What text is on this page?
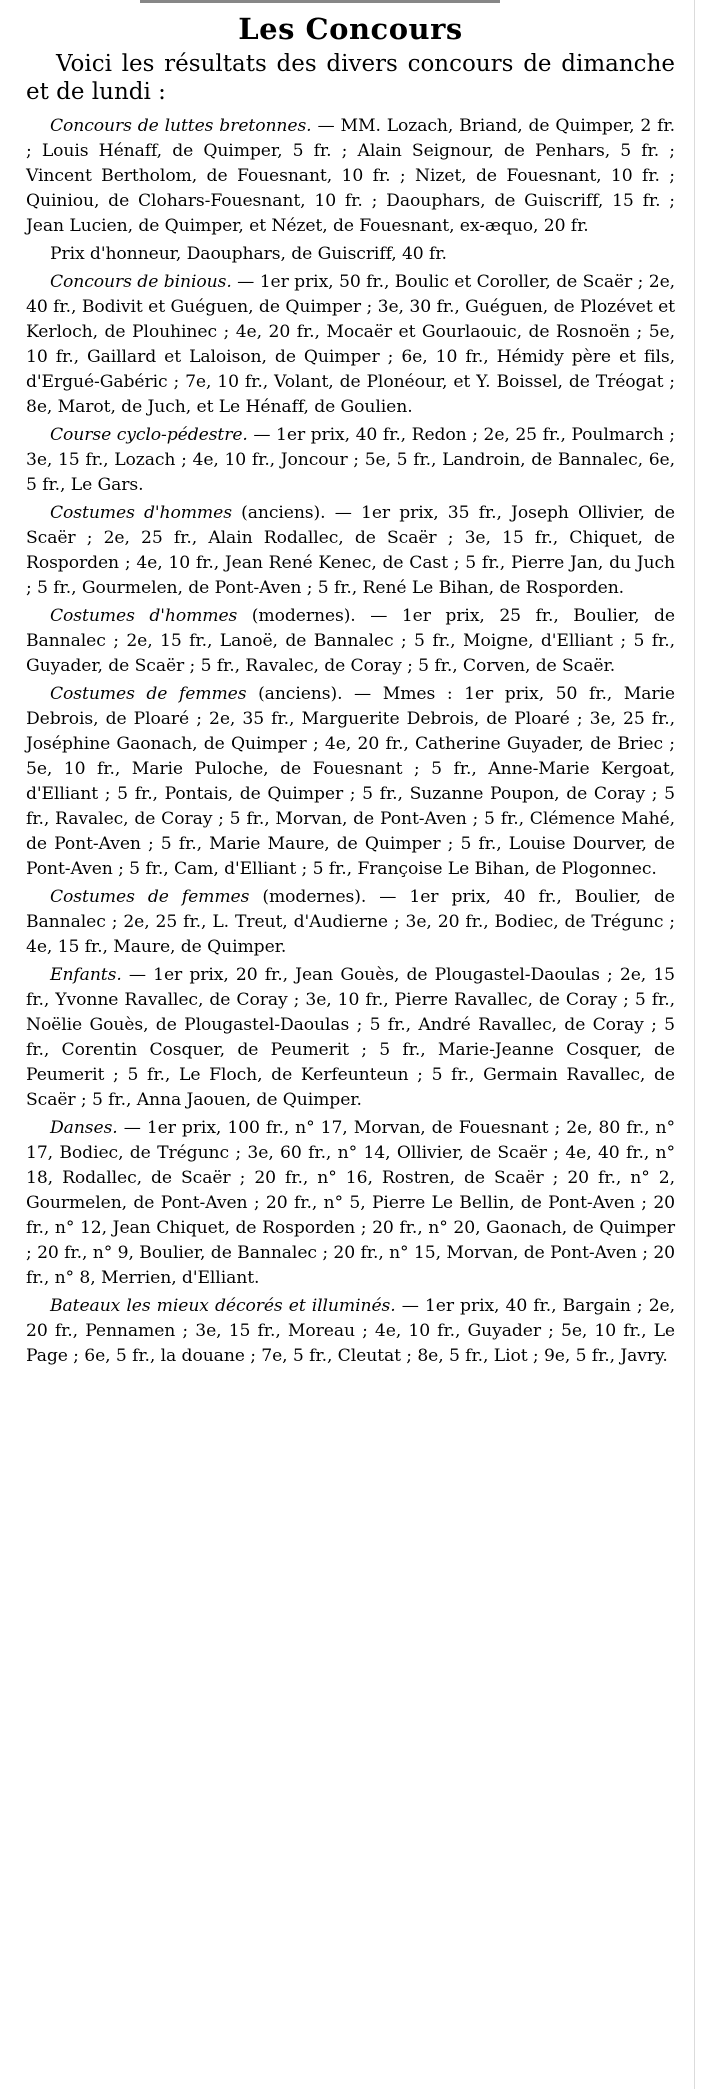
Les Concours

Voici les résultats des divers concours de dimanche et de lundi :

Concours de luttes bretonnes. — MM. Lozach, Briand, de Quimper, 2 fr. ; Louis Hénaff, de Quimper, 5 fr. ; Alain Seignour, de Penhars, 5 fr. ; Vincent Bertholom, de Fouesnant, 10 fr. ; Nizet, de Fouesnant, 10 fr. ; Quiniou, de Clohars-Fouesnant, 10 fr. ; Daouphars, de Guiscriff, 15 fr. ; Jean Lucien, de Quimper, et Nézet, de Fouesnant, ex-æquo, 20 fr.

Prix d'honneur, Daouphars, de Guiscriff, 40 fr.

Concours de binious. — 1er prix, 50 fr., Boulic et Coroller, de Scaër ; 2e, 40 fr., Bodivit et Guéguen, de Quimper ; 3e, 30 fr., Guéguen, de Plozévet et Kerloch, de Plouhinec ; 4e, 20 fr., Mocaër et Gourlaouic, de Rosnoën ; 5e, 10 fr., Gaillard et Laloison, de Quimper ; 6e, 10 fr., Hémidy père et fils, d'Ergué-Gabéric ; 7e, 10 fr., Volant, de Plonéour, et Y. Boissel, de Tréogat ; 8e, Marot, de Juch, et Le Hénaff, de Goulien.

Course cyclo-pédestre. — 1er prix, 40 fr., Redon ; 2e, 25 fr., Poulmarch ; 3e, 15 fr., Lozach ; 4e, 10 fr., Joncour ; 5e, 5 fr., Landroin, de Bannalec, 6e, 5 fr., Le Gars.

Costumes d'hommes (anciens). — 1er prix, 35 fr., Joseph Ollivier, de Scaër ; 2e, 25 fr., Alain Rodallec, de Scaër ; 3e, 15 fr., Chiquet, de Rosporden ; 4e, 10 fr., Jean René Kenec, de Cast ; 5 fr., Pierre Jan, du Juch ; 5 fr., Gourmelen, de Pont-Aven ; 5 fr., René Le Bihan, de Rosporden.

Costumes d'hommes (modernes). — 1er prix, 25 fr., Boulier, de Bannalec ; 2e, 15 fr., Lanoë, de Bannalec ; 5 fr., Moigne, d'Elliant ; 5 fr., Guyader, de Scaër ; 5 fr., Ravalec, de Coray ; 5 fr., Corven, de Scaër.

Costumes de femmes (anciens). — Mmes : 1er prix, 50 fr., Marie Debrois, de Ploaré ; 2e, 35 fr., Marguerite Debrois, de Ploaré ; 3e, 25 fr., Joséphine Gaonach, de Quimper ; 4e, 20 fr., Catherine Guyader, de Briec ; 5e, 10 fr., Marie Puloche, de Fouesnant ; 5 fr., Anne-Marie Kergoat, d'Elliant ; 5 fr., Pontais, de Quimper ; 5 fr., Suzanne Poupon, de Coray ; 5 fr., Ravalec, de Coray ; 5 fr., Morvan, de Pont-Aven ; 5 fr., Clémence Mahé, de Pont-Aven ; 5 fr., Marie Maure, de Quimper ; 5 fr., Louise Dourver, de Pont-Aven ; 5 fr., Cam, d'Elliant ; 5 fr., Françoise Le Bihan, de Plogonnec.

Costumes de femmes (modernes). — 1er prix, 40 fr., Boulier, de Bannalec ; 2e, 25 fr., L. Treut, d'Audierne ; 3e, 20 fr., Bodiec, de Trégunc ; 4e, 15 fr., Maure, de Quimper.

Enfants. — 1er prix, 20 fr., Jean Gouès, de Plougastel-Daoulas ; 2e, 15 fr., Yvonne Ravallec, de Coray ; 3e, 10 fr., Pierre Ravallec, de Coray ; 5 fr., Noëlie Gouès, de Plougastel-Daoulas ; 5 fr., André Ravallec, de Coray ; 5 fr., Corentin Cosquer, de Peumerit ; 5 fr., Marie-Jeanne Cosquer, de Peumerit ; 5 fr., Le Floch, de Kerfeunteun ; 5 fr., Germain Ravallec, de Scaër ; 5 fr., Anna Jaouen, de Quimper.

Danses. — 1er prix, 100 fr., n° 17, Morvan, de Fouesnant ; 2e, 80 fr., n° 17, Bodiec, de Trégunc ; 3e, 60 fr., n° 14, Ollivier, de Scaër ; 4e, 40 fr., n° 18, Rodallec, de Scaër ; 20 fr., n° 16, Rostren, de Scaër ; 20 fr., n° 2, Gourmelen, de Pont-Aven ; 20 fr., n° 5, Pierre Le Bellin, de Pont-Aven ; 20 fr., n° 12, Jean Chiquet, de Rosporden ; 20 fr., n° 20, Gaonach, de Quimper ; 20 fr., n° 9, Boulier, de Bannalec ; 20 fr., n° 15, Morvan, de Pont-Aven ; 20 fr., n° 8, Merrien, d'Elliant.

Bateaux les mieux décorés et illuminés. — 1er prix, 40 fr., Bargain ; 2e, 20 fr., Pennamen ; 3e, 15 fr., Moreau ; 4e, 10 fr., Guyader ; 5e, 10 fr., Le Page ; 6e, 5 fr., la douane ; 7e, 5 fr., Cleutat ; 8e, 5 fr., Liot ; 9e, 5 fr., Javry.
